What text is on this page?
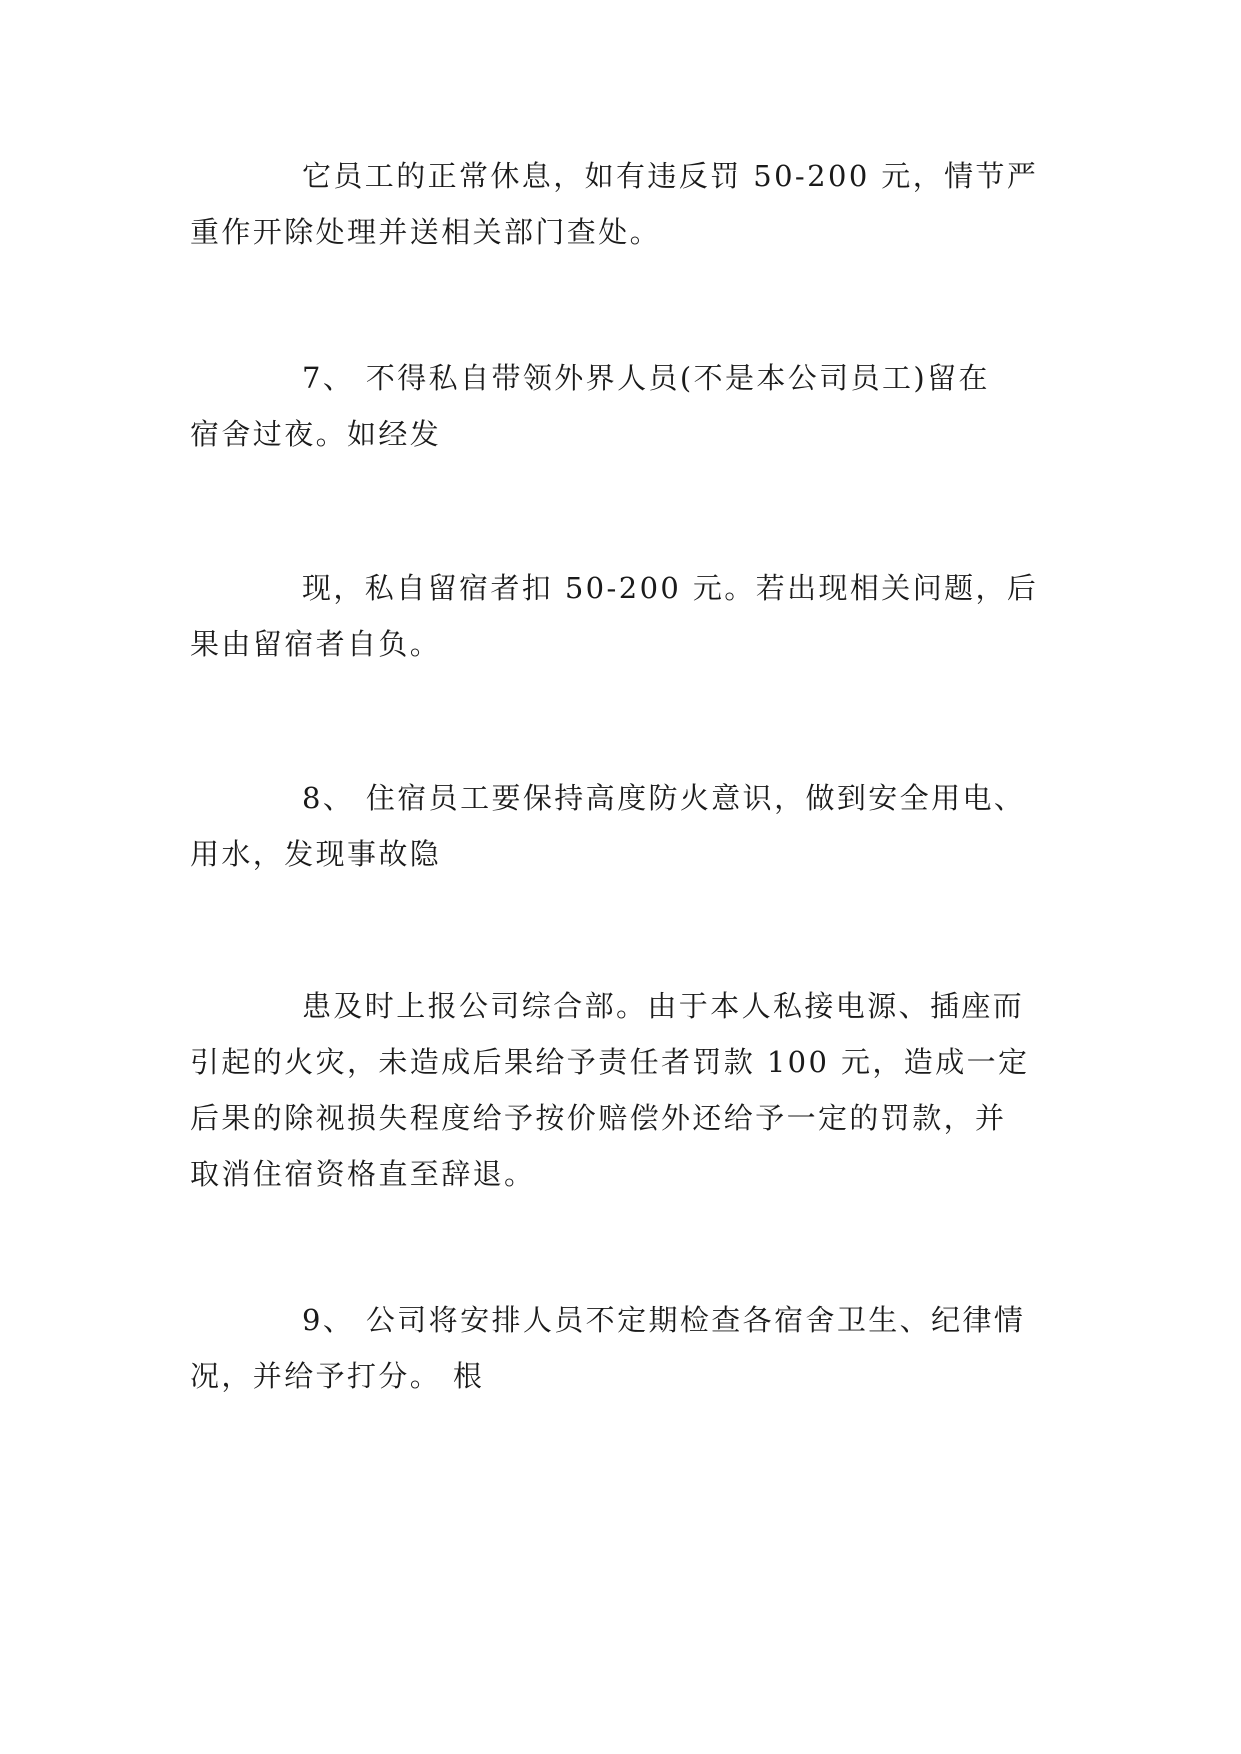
它员工的正常休息，如有违反罚 50-200 元，情节严
重作开除处理并送相关部门查处。

7、 不得私自带领外界人员(不是本公司员工)留在
宿舍过夜。如经发

现，私自留宿者扣 50-200 元。若出现相关问题，后
果由留宿者自负。

8、 住宿员工要保持高度防火意识，做到安全用电、
用水，发现事故隐

患及时上报公司综合部。由于本人私接电源、插座而
引起的火灾，未造成后果给予责任者罚款 100 元，造成一定
后果的除视损失程度给予按价赔偿外还给予一定的罚款，并
取消住宿资格直至辞退。

9、 公司将安排人员不定期检查各宿舍卫生、纪律情
况，并给予打分。 根
